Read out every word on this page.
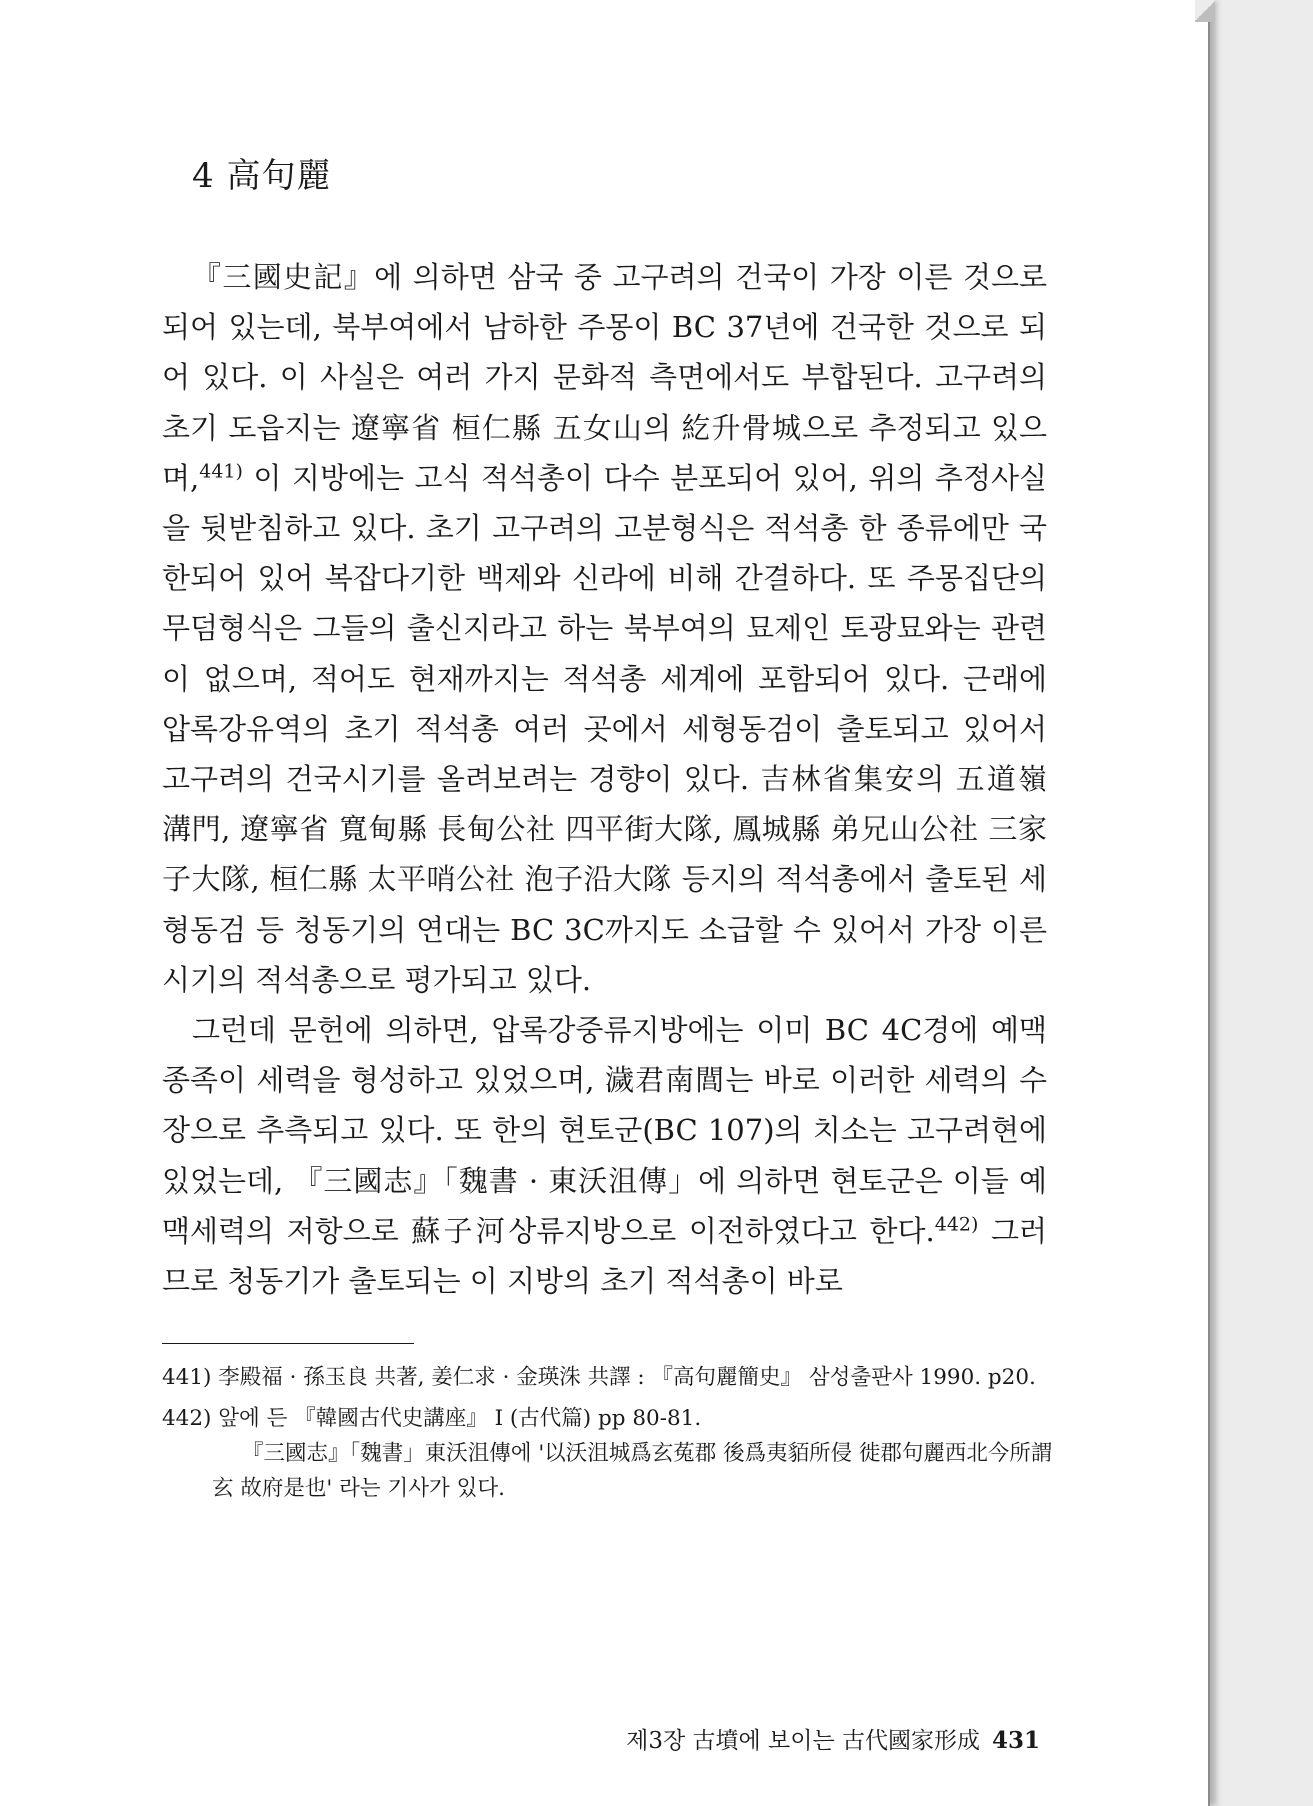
4 高句麗

『三國史記』에 의하면 삼국 중 고구려의 건국이 가장 이른 것으로 되어 있는데, 북부여에서 남하한 주몽이 BC 37년에 건국한 것으로 되어 있다. 이 사실은 여러 가지 문화적 측면에서도 부합된다. 고구려의 초기 도읍지는 遼寧省 桓仁縣 五女山의 紇升骨城으로 추정되고 있으며,$^{441)}$ 이 지방에는 고식 적석총이 다수 분포되어 있어, 위의 추정사실을 뒷받침하고 있다. 초기 고구려의 고분형식은 적석총 한 종류에만 국한되어 있어 복잡다기한 백제와 신라에 비해 간결하다. 또 주몽집단의 무덤형식은 그들의 출신지라고 하는 북부여의 묘제인 토광묘와는 관련이 없으며, 적어도 현재까지는 적석총 세계에 포함되어 있다. 근래에 압록강유역의 초기 적석총 여러 곳에서 세형동검이 출토되고 있어서 고구려의 건국시기를 올려보려는 경향이 있다. 吉林省集安의 五道嶺溝門, 遼寧省 寬甸縣 長甸公社 四平街大隊, 鳳城縣 弟兄山公社 三家子大隊, 桓仁縣 太平哨公社 泡子沿大隊 등지의 적석총에서 출토된 세형동검 등 청동기의 연대는 BC 3C까지도 소급할 수 있어서 가장 이른 시기의 적석총으로 평가되고 있다.

그런데 문헌에 의하면, 압록강중류지방에는 이미 BC 4C경에 예맥종족이 세력을 형성하고 있었으며, 濊君南閭는 바로 이러한 세력의 수장으로 추측되고 있다. 또 한의 현토군(BC 107)의 치소는 고구려현에 있었는데, 『三國志』「魏書 · 東沃沮傳」에 의하면 현토군은 이들 예맥세력의 저항으로 蘇子河상류지방으로 이전하였다고 한다.$^{442)}$ 그러므로 청동기가 출토되는 이 지방의 초기 적석총이 바로

441) 李殿福 · 孫玉良 共著, 姜仁求 · 金瑛洙 共譯 : 『高句麗簡史』 삼성출판사 1990. p20.

442) 앞에 든 『韓國古代史講座』 I (古代篇) pp 80-81.

『三國志』「魏書」東沃沮傳에 '以沃沮城爲玄菟郡 後爲夷貊所侵 徙郡句麗西北今所謂玄 故府是也' 라는 기사가 있다.

제3장 古墳에 보이는 古代國家形成 431
